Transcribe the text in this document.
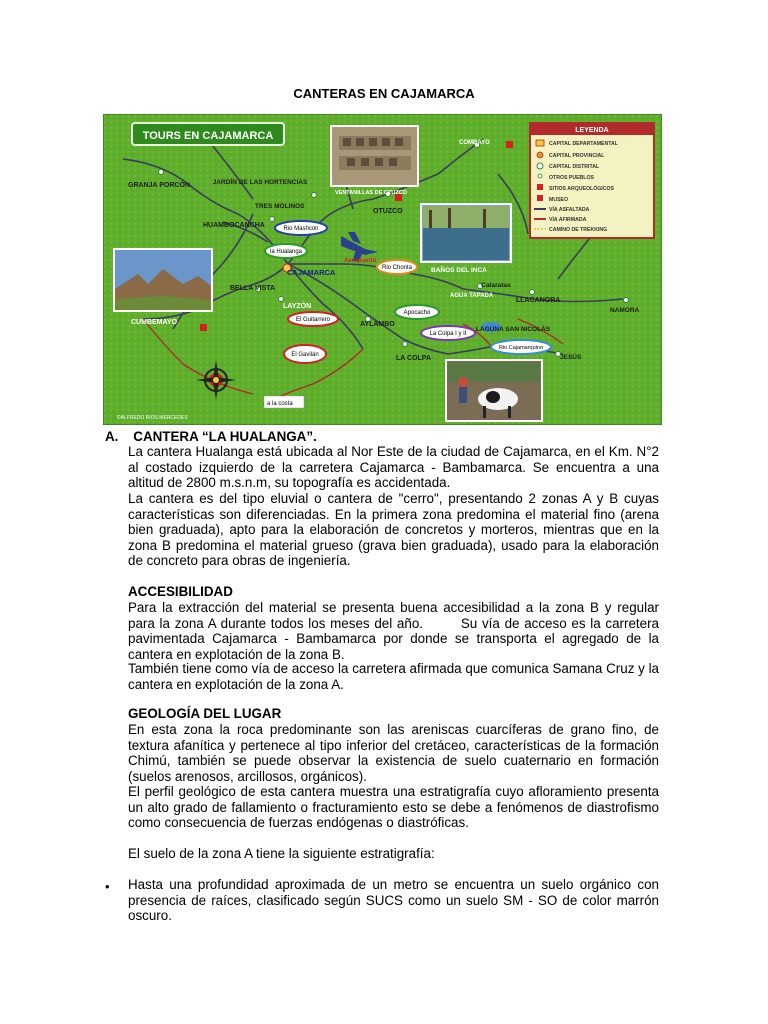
CANTERAS EN CAJAMARCA
TOURS EN CAJAMARCA	LEYENDA
CAPITAL DEPARTAMENTAL
CAPITAL PROVINCIAL
CAPITAL DISTRITAL
OTROS PUEBLOS
SITIOS ARQUEOLÓGICOS
MUSEO
VÍA ASFALTADA
VÍA AFIRMADA
CAMINO DE TREKKING
GRANJA PORCÓN	JARDÍN DE LAS HORTENCIAS
TRES MOLINOS
HUAMBOCANCHA
OTUZCO
COMBAYO
VENTANILLAS DE OTUZCO
BAÑOS DEL INCA
CAJAMARCA
Aeropuerto
BELLA VISTA
LAYZÓN
CUMBEMAYO	AYLAMBO
Cataratas
LLACANORA
NAMORA
LA COLPA
LAGUNA SAN NICOLÁS
JESÚS
AGUA TAPADA
©ALFREDO RIOS MERCEDES
Rio Mashcon
la Hualanga
Rio Chonta
El Guitarrero
El Gavilán
Apocacho
La Colpa I y II
Rio Cajamarquino
a la costa
A.    CANTERA “LA HUALANGA”.
La cantera Hualanga está ubicada al Nor Este de la ciudad de Cajamarca, en el Km. N°2 al costado izquierdo de la carretera Cajamarca - Bambamarca. Se encuentra a una altitud de 2800 m.s.n.m, su topografía es accidentada.
La cantera es del tipo eluvial o cantera de "cerro", presentando 2 zonas A y B cuyas características son diferenciadas. En la primera zona predomina el material fino (arena bien graduada), apto para la elaboración de concretos y morteros, mientras que en la zona B predomina el material grueso (grava bien graduada), usado para la elaboración de concreto para obras de ingeniería.
ACCESIBILIDAD
Para la extracción del material se presenta buena accesibilidad a la zona B y regular para la zona A durante todos los meses del año.        Su vía de acceso es la carretera pavimentada Cajamarca - Bambamarca por donde se transporta el agregado de la cantera en explotación de la zona B.
También tiene como vía de acceso la carretera afirmada que comunica Samana Cruz y la cantera en explotación de la zona A.
GEOLOGÍA DEL LUGAR
En esta zona la roca predominante son las areniscas cuarcíferas de grano fino, de textura afanítica y pertenece al tipo inferior del cretáceo, características de la formación Chimú, también se puede observar la existencia de suelo cuaternario en formación (suelos arenosos, arcillosos, orgánicos).
El perfil geológico de esta cantera muestra una estratigrafía cuyo afloramiento presenta un alto grado de fallamiento o fracturamiento esto se debe a fenómenos de diastrofismo como consecuencia de fuerzas endógenas o diastróficas.
El suelo de la zona A tiene la siguiente estratigrafía:
• Hasta una profundidad aproximada de un metro se encuentra un suelo orgánico con presencia de raíces, clasificado según SUCS como un suelo SM - SO de color marrón oscuro.
